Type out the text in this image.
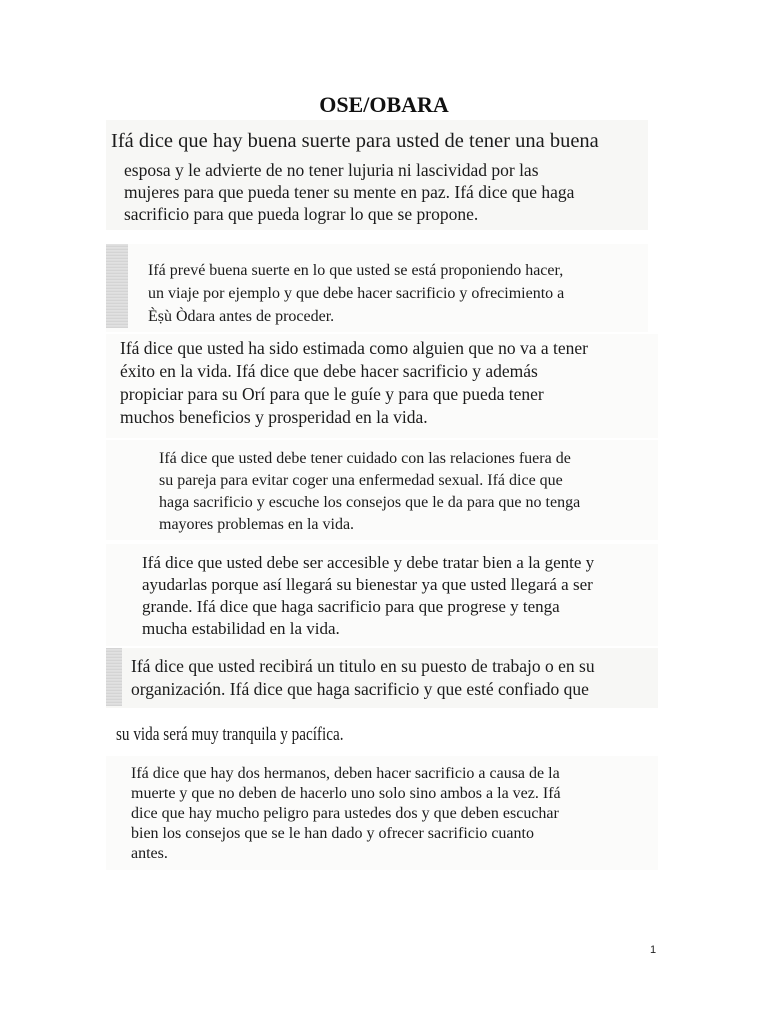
OSE/OBARA
Ifá dice que hay buena suerte para usted de tener una buena
esposa y le advierte de no tener lujuria ni lascividad por las
mujeres para que pueda tener su mente en paz. Ifá dice que haga
sacrificio para que pueda lograr lo que se propone.
Ifá prevé buena suerte en lo que usted se está proponiendo hacer,
un viaje por ejemplo y que debe hacer sacrificio y ofrecimiento a
Èṣù Òdara antes de proceder.
Ifá dice que usted ha sido estimada como alguien que no va a tener
éxito en la vida. Ifá dice que debe hacer sacrificio y además
propiciar para su Orí para que le guíe y para que pueda tener
muchos beneficios y prosperidad en la vida.
Ifá dice que usted debe tener cuidado con las relaciones fuera de
su pareja para evitar coger una enfermedad sexual. Ifá dice que
haga sacrificio y escuche los consejos que le da para que no tenga
mayores problemas en la vida.
Ifá dice que usted debe ser accesible y debe tratar bien a la gente y
ayudarlas porque así llegará su bienestar ya que usted llegará a ser
grande. Ifá dice que haga sacrificio para que progrese y tenga
mucha estabilidad en la vida.
Ifá dice que usted recibirá un titulo en su puesto de trabajo o en su
organización. Ifá dice que haga sacrificio y que esté confiado que
su vida será muy tranquila y pacífica.
Ifá dice que hay dos hermanos, deben hacer sacrificio a causa de la
muerte y que no deben de hacerlo uno solo sino ambos a la vez. Ifá
dice que hay mucho peligro para ustedes dos y que deben escuchar
bien los consejos que se le han dado y ofrecer sacrificio cuanto
antes.
1
